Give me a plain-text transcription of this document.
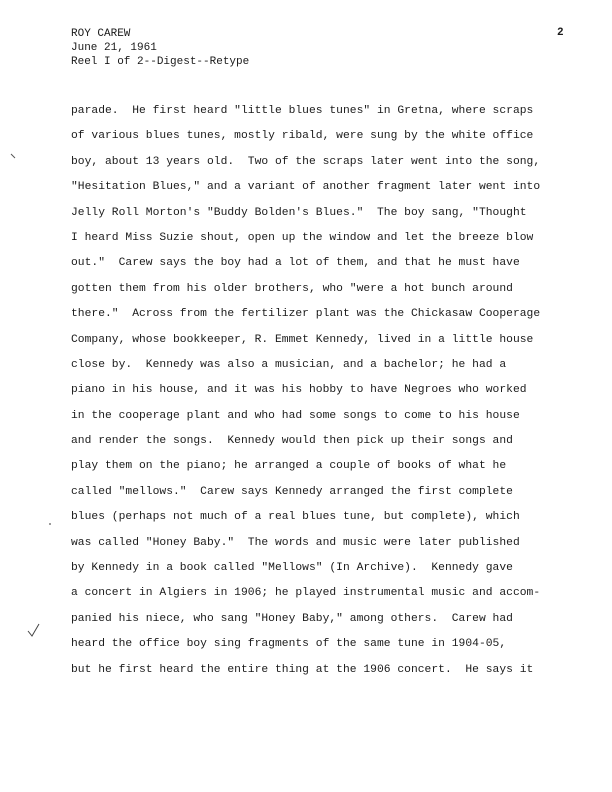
ROY CAREW
June 21, 1961
Reel I of 2--Digest--Retype
2
parade.  He first heard "little blues tunes" in Gretna, where scraps
of various blues tunes, mostly ribald, were sung by the white office
boy, about 13 years old.  Two of the scraps later went into the song,
"Hesitation Blues," and a variant of another fragment later went into
Jelly Roll Morton's "Buddy Bolden's Blues."  The boy sang, "Thought
I heard Miss Suzie shout, open up the window and let the breeze blow
out."  Carew says the boy had a lot of them, and that he must have
gotten them from his older brothers, who "were a hot bunch around
there."  Across from the fertilizer plant was the Chickasaw Cooperage
Company, whose bookkeeper, R. Emmet Kennedy, lived in a little house
close by.  Kennedy was also a musician, and a bachelor; he had a
piano in his house, and it was his hobby to have Negroes who worked
in the cooperage plant and who had some songs to come to his house
and render the songs.  Kennedy would then pick up their songs and
play them on the piano; he arranged a couple of books of what he
called "mellows."  Carew says Kennedy arranged the first complete
blues (perhaps not much of a real blues tune, but complete), which
was called "Honey Baby."  The words and music were later published
by Kennedy in a book called "Mellows" (In Archive).  Kennedy gave
a concert in Algiers in 1906; he played instrumental music and accom-
panied his niece, who sang "Honey Baby," among others.  Carew had
heard the office boy sing fragments of the same tune in 1904-05,
but he first heard the entire thing at the 1906 concert.  He says it
